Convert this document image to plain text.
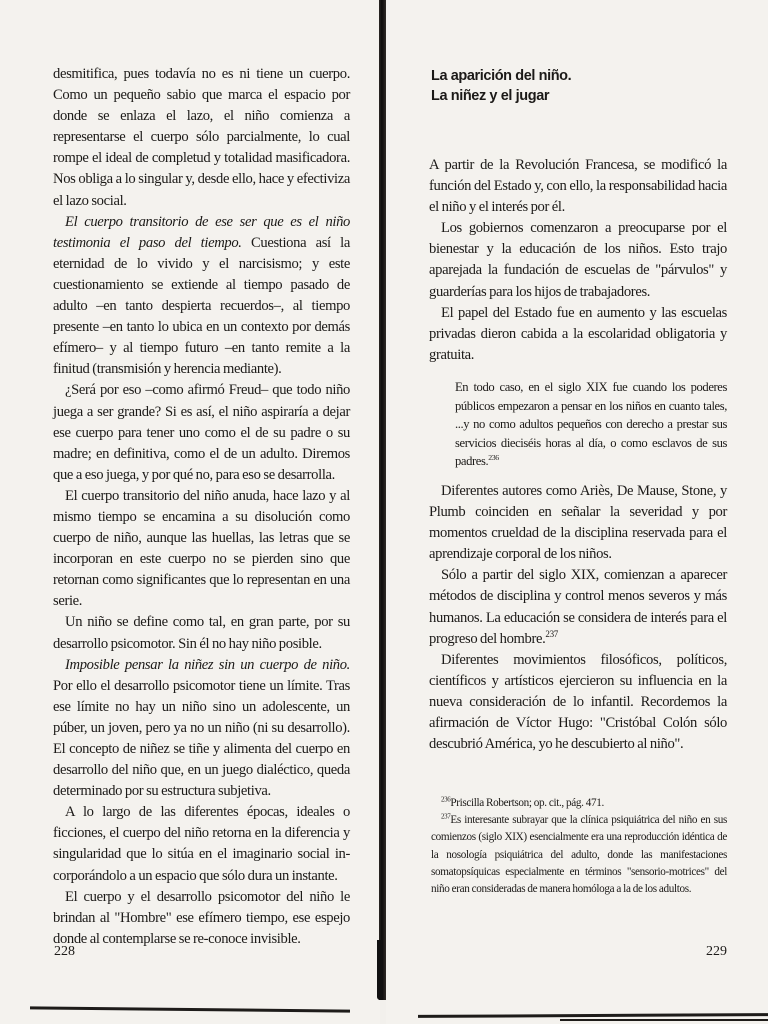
desmitifica, pues todavía no es ni tiene un cuerpo. Como un pequeño sabio que marca el espacio por donde se enlaza el lazo, el niño comienza a representarse el cuerpo sólo parcialmente, lo cual rompe el ideal de completud y totalidad masificadora. Nos obliga a lo singular y, desde ello, hace y efectiviza el lazo social.

El cuerpo transitorio de ese ser que es el niño testimonia el paso del tiempo. Cuestiona así la eternidad de lo vivido y el narcisismo; y este cuestionamiento se extiende al tiempo pasado de adulto –en tanto despierta recuerdos–, al tiempo presente –en tanto lo ubica en un contexto por demás efímero– y al tiempo futuro –en tanto remite a la finitud (transmisión y herencia mediante).

¿Será por eso –como afirmó Freud– que todo niño juega a ser grande? Si es así, el niño aspiraría a dejar ese cuerpo para tener uno como el de su padre o su madre; en definitiva, como el de un adulto. Diremos que a eso juega, y por qué no, para eso se desarrolla.

El cuerpo transitorio del niño anuda, hace lazo y al mismo tiempo se encamina a su disolución como cuerpo de niño, aunque las huellas, las letras que se incorporan en este cuerpo no se pierden sino que retornan como significantes que lo representan en una serie.

Un niño se define como tal, en gran parte, por su desarrollo psicomotor. Sin él no hay niño posible.

Imposible pensar la niñez sin un cuerpo de niño. Por ello el desarrollo psicomotor tiene un límite. Tras ese límite no hay un niño sino un adolescente, un púber, un joven, pero ya no un niño (ni su desarrollo). El concepto de niñez se tiñe y alimenta del cuerpo en desarrollo del niño que, en un juego dialéctico, queda determinado por su estructura subjetiva.

A lo largo de las diferentes épocas, ideales o ficciones, el cuerpo del niño retorna en la diferencia y singularidad que lo sitúa en el imaginario social in-corporándolo a un espacio que sólo dura un instante.

El cuerpo y el desarrollo psicomotor del niño le brindan al "Hombre" ese efímero tiempo, ese espejo donde al contemplarse se re-conoce invisible.

228
La aparición del niño.
La niñez y el jugar

A partir de la Revolución Francesa, se modificó la función del Estado y, con ello, la responsabilidad hacia el niño y el interés por él.

Los gobiernos comenzaron a preocuparse por el bienestar y la educación de los niños. Esto trajo aparejada la fundación de escuelas de "párvulos" y guarderías para los hijos de trabajadores.

El papel del Estado fue en aumento y las escuelas privadas dieron cabida a la escolaridad obligatoria y gratuita.

En todo caso, en el siglo XIX fue cuando los poderes públicos empezaron a pensar en los niños en cuanto tales, ...y no como adultos pequeños con derecho a prestar sus servicios dieciséis horas al día, o como esclavos de sus padres.$^{236}$

Diferentes autores como Ariès, De Mause, Stone, y Plumb coinciden en señalar la severidad y por momentos crueldad de la disciplina reservada para el aprendizaje corporal de los niños.

Sólo a partir del siglo XIX, comienzan a aparecer métodos de disciplina y control menos severos y más humanos. La educación se considera de interés para el progreso del hombre.$^{237}$

Diferentes movimientos filosóficos, políticos, científicos y artísticos ejercieron su influencia en la nueva consideración de lo infantil. Recordemos la afirmación de Víctor Hugo: "Cristóbal Colón sólo descubrió América, yo he descubierto al niño".

$^{236}$Priscilla Robertson; op. cit., pág. 471.

$^{237}$Es interesante subrayar que la clínica psiquiátrica del niño en sus comienzos (siglo XIX) esencialmente era una reproducción idéntica de la nosología psiquiátrica del adulto, donde las manifestaciones somatopsíquicas especialmente en términos "sensorio-motrices" del niño eran consideradas de manera homóloga a la de los adultos.

229
